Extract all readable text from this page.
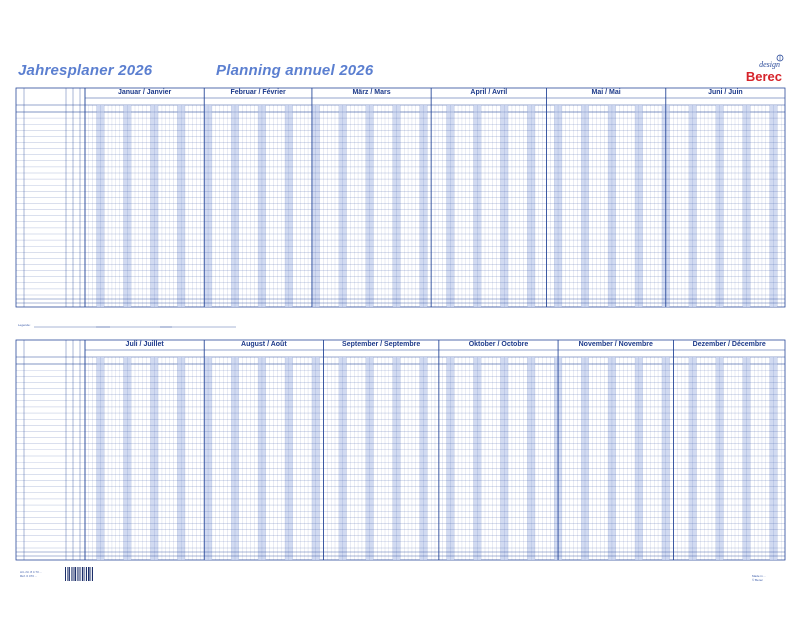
Jahresplaner 2026	Planning annuel 2026	design
Berec
Januar / Janvier	Februar / Février	März / Mars	April / Avril	Mai / Mai	Juni / Juin
Juli / Juillet	August / Août	September / Septembre	Oktober / Octobre	November / Novembre	Dezember / Décembre
Legende:
Art.-Nr. 8 4 73 ...
Réf. 0 473 ...	Made in ...
© Berec
